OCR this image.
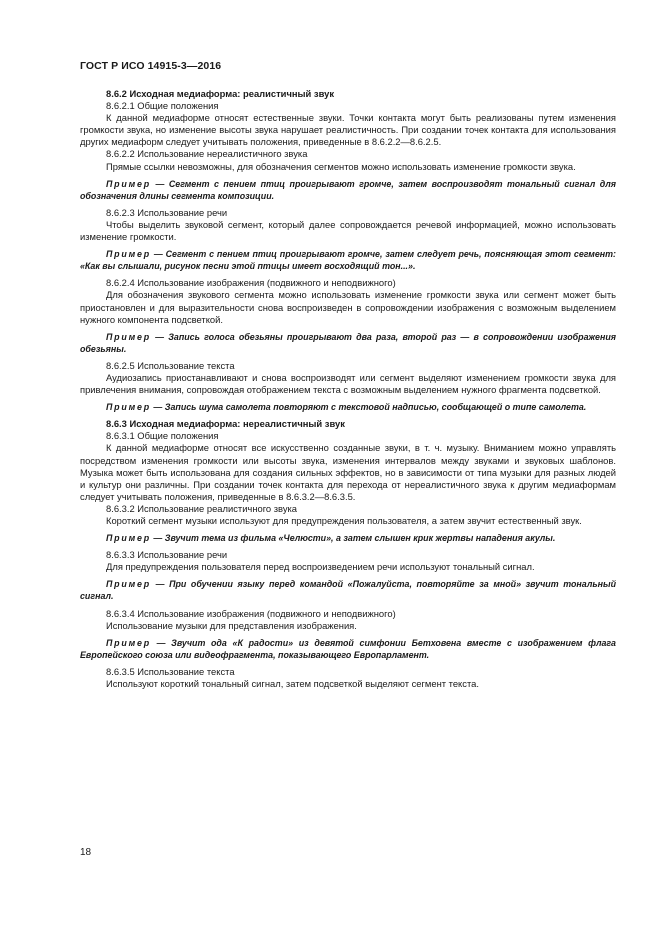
ГОСТ Р ИСО 14915-3—2016

8.6.2 Исходная медиаформа: реалистичный звук

8.6.2.1 Общие положения

К данной медиаформе относят естественные звуки. Точки контакта могут быть реализованы путем изменения громкости звука, но изменение высоты звука нарушает реалистичность. При создании точек контакта для использования других медиаформ следует учитывать положения, приведенные в 8.6.2.2—8.6.2.5.

8.6.2.2 Использование нереалистичного звука

Прямые ссылки невозможны, для обозначения сегментов можно использовать изменение громкости звука.

Пример — Сегмент с пением птиц проигрывают громче, затем воспроизводят тональный сигнал для обозначения длины сегмента композиции.

8.6.2.3 Использование речи

Чтобы выделить звуковой сегмент, который далее сопровождается речевой информацией, можно использовать изменение громкости.

Пример — Сегмент с пением птиц проигрывают громче, затем следует речь, поясняющая этот сегмент: «Как вы слышали, рисунок песни этой птицы имеет восходящий тон...».

8.6.2.4 Использование изображения (подвижного и неподвижного)

Для обозначения звукового сегмента можно использовать изменение громкости звука или сегмент может быть приостановлен и для выразительности снова воспроизведен в сопровождении изображения с возможным выделением нужного компонента подсветкой.

Пример — Запись голоса обезьяны проигрывают два раза, второй раз — в сопровождении изображения обезьяны.

8.6.2.5 Использование текста

Аудиозапись приостанавливают и снова воспроизводят или сегмент выделяют изменением громкости звука для привлечения внимания, сопровождая отображением текста с возможным выделением нужного фрагмента подсветкой.

Пример — Запись шума самолета повторяют с текстовой надписью, сообщающей о типе самолета.

8.6.3 Исходная медиаформа: нереалистичный звук

8.6.3.1 Общие положения

К данной медиаформе относят все искусственно созданные звуки, в т. ч. музыку. Вниманием можно управлять посредством изменения громкости или высоты звука, изменения интервалов между звуками и звуковых шаблонов. Музыка может быть использована для создания сильных эффектов, но в зависимости от типа музыки для разных людей и культур они различны. При создании точек контакта для перехода от нереалистичного звука к другим медиаформам следует учитывать положения, приведенные в 8.6.3.2—8.6.3.5.

8.6.3.2 Использование реалистичного звука

Короткий сегмент музыки используют для предупреждения пользователя, а затем звучит естественный звук.

Пример — Звучит тема из фильма «Челюсти», а затем слышен крик жертвы нападения акулы.

8.6.3.3 Использование речи

Для предупреждения пользователя перед воспроизведением речи используют тональный сигнал.

Пример — При обучении языку перед командой «Пожалуйста, повторяйте за мной» звучит тональный сигнал.

8.6.3.4 Использование изображения (подвижного и неподвижного)

Использование музыки для представления изображения.

Пример — Звучит ода «К радости» из девятой симфонии Бетховена вместе с изображением флага Европейского союза или видеофрагмента, показывающего Европарламент.

8.6.3.5 Использование текста

Используют короткий тональный сигнал, затем подсветкой выделяют сегмент текста.

18
